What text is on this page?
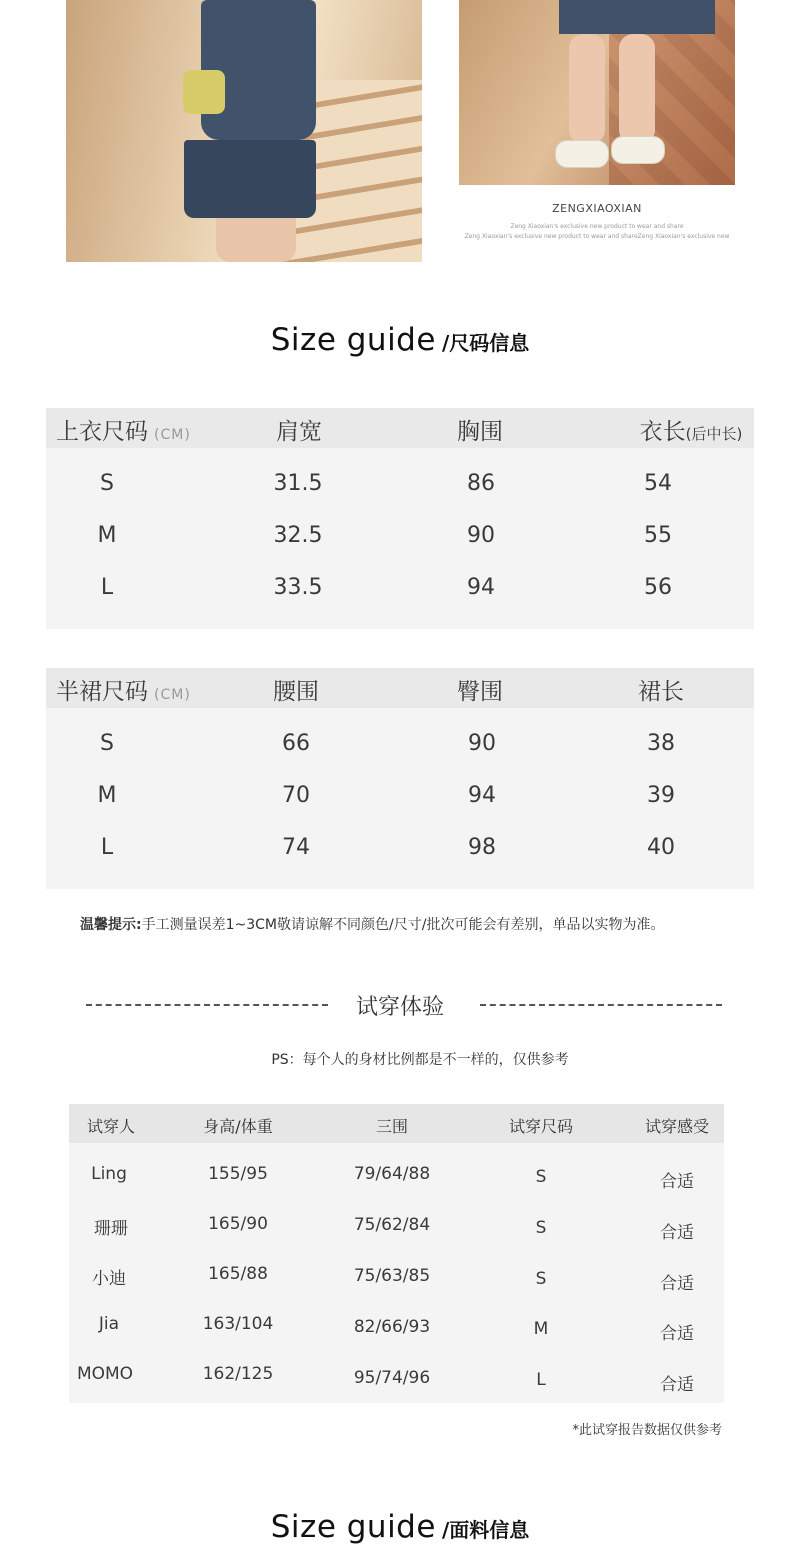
ZENGXIAOXIAN
Zeng Xiaoxian's exclusive new product to wear and share
Zeng Xiaoxian's exclusive new product to wear and shareZeng Xiaoxian's exclusive new
Size guide /尺码信息
上衣尺码 (CM)	肩宽	胸围	衣长(后中长)
S	31.5	86	54
M	32.5	90	55
L	33.5	94	56
半裙尺码 (CM)	腰围	臀围	裙长
S	66	90	38
M	70	94	39
L	74	98	40
温馨提示:手工测量误差1~3CM敬请谅解不同颜色/尺寸/批次可能会有差别，单品以实物为准。
试穿体验
PS：每个人的身材比例都是不一样的，仅供参考
试穿人	身高/体重	三围	试穿尺码	试穿感受
Ling	155/95	79/64/88	S	合适
珊珊	165/90	75/62/84	S	合适
小迪	165/88	75/63/85	S	合适
Jia	163/104	82/66/93	M	合适
MOMO	162/125	95/74/96	L	合适
*此试穿报告数据仅供参考
Size guide /面料信息
